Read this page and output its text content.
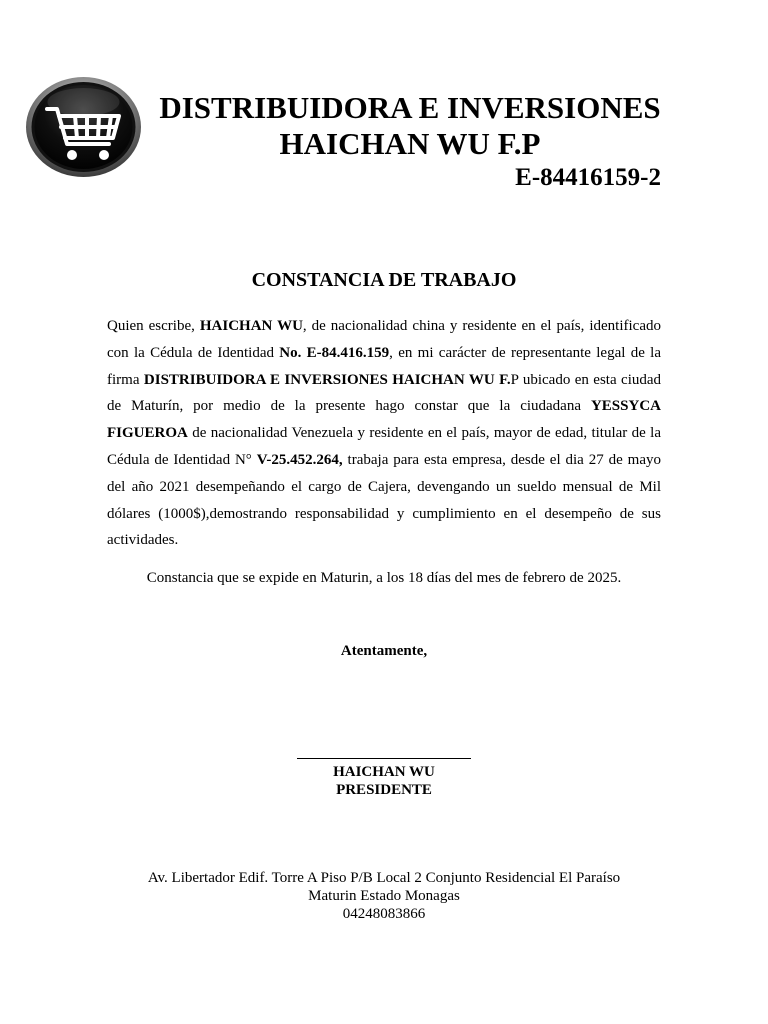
DISTRIBUIDORA E INVERSIONES
HAICHAN WU F.P
E-84416159-2
CONSTANCIA DE TRABAJO
Quien escribe, HAICHAN WU, de nacionalidad china y residente en el país, identificado con la Cédula de Identidad No. E-84.416.159, en mi carácter de representante legal de la firma DISTRIBUIDORA E INVERSIONES HAICHAN WU F.P ubicado en esta ciudad de Maturín, por medio de la presente hago constar que la ciudadana YESSYCA FIGUEROA de nacionalidad Venezuela y residente en el país, mayor de edad, titular de la Cédula de Identidad N° V-25.452.264, trabaja para esta empresa, desde el dia 27 de mayo del año 2021 desempeñando el cargo de Cajera, devengando un sueldo mensual de Mil dólares (1000$),demostrando responsabilidad y cumplimiento en el desempeño de sus actividades.
Constancia que se expide en Maturin, a los 18 días del mes de febrero de 2025.
Atentamente,
HAICHAN WU
PRESIDENTE
Av. Libertador Edif. Torre A Piso P/B Local 2 Conjunto Residencial El Paraíso
Maturin Estado Monagas
04248083866
